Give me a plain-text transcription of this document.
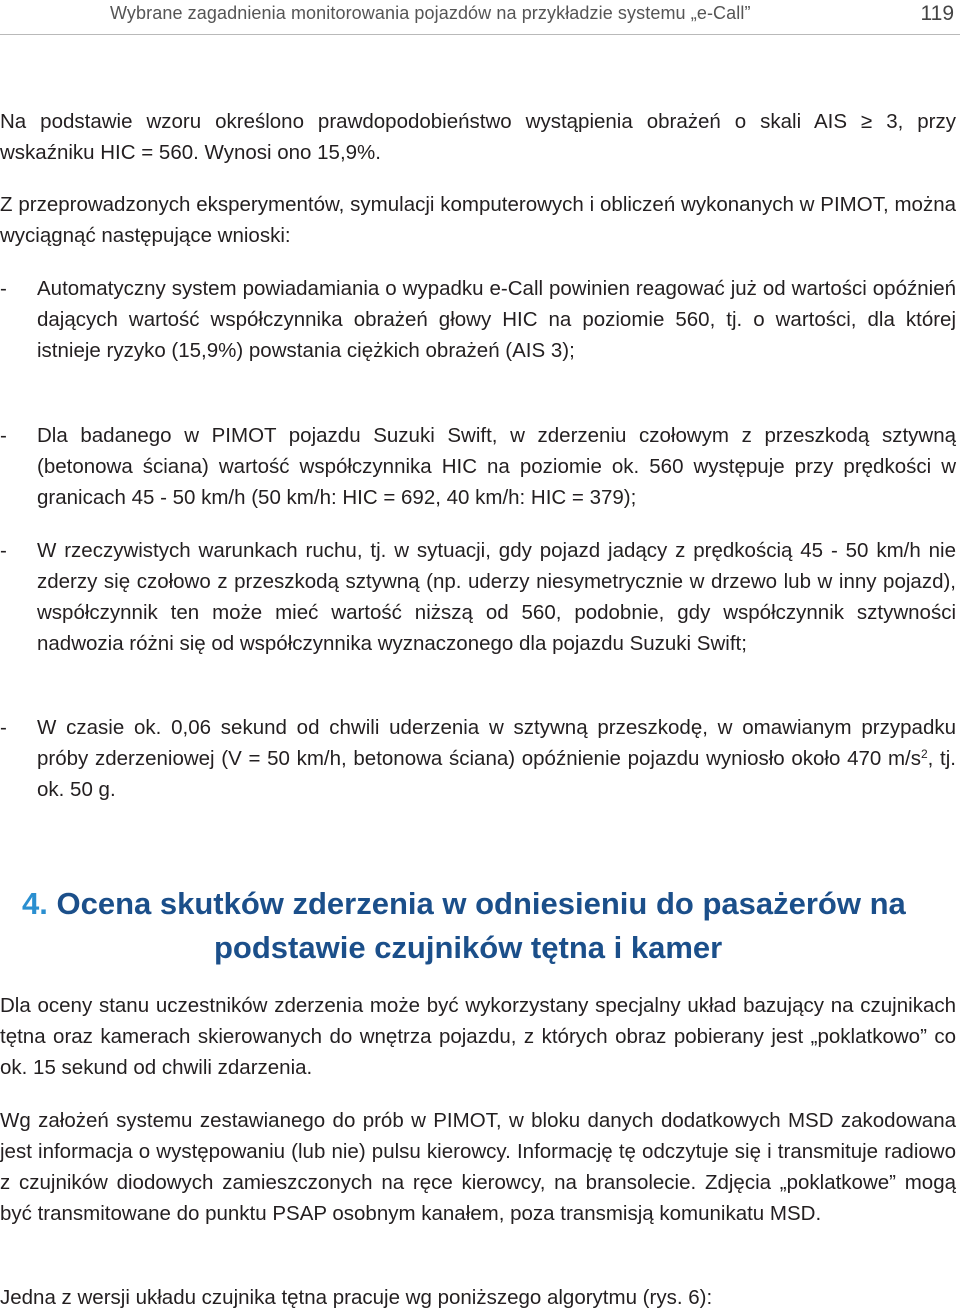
Wybrane zagadnienia monitorowania pojazdów na przykładzie systemu „e-Call”	119

Na podstawie wzoru określono prawdopodobieństwo wystąpienia obrażeń o skali AIS ≥ 3, przy wskaźniku HIC = 560. Wynosi ono 15,9%.

Z przeprowadzonych eksperymentów, symulacji komputerowych i obliczeń wykonanych w PIMOT, można wyciągnąć następujące wnioski:

-	Automatyczny system powiadamiania o wypadku e-Call powinien reagować już od wartości opóźnień dających wartość współczynnika obrażeń głowy HIC na poziomie 560, tj. o wartości, dla której istnieje ryzyko (15,9%) powstania ciężkich obrażeń (AIS 3);
-	Dla badanego w PIMOT pojazdu Suzuki Swift, w zderzeniu czołowym z przeszkodą sztywną (betonowa ściana) wartość współczynnika HIC na poziomie ok. 560 występuje przy prędkości w granicach 45 - 50 km/h (50 km/h: HIC = 692, 40 km/h: HIC = 379);
-	W rzeczywistych warunkach ruchu, tj. w sytuacji, gdy pojazd jadący z prędkością 45 - 50 km/h nie zderzy się czołowo z przeszkodą sztywną (np. uderzy niesymetrycznie w drzewo lub w inny pojazd), współczynnik ten może mieć wartość niższą od 560, podobnie, gdy współczynnik sztywności nadwozia różni się od współczynnika wyznaczonego dla pojazdu Suzuki Swift;
-	W czasie ok. 0,06 sekund od chwili uderzenia w sztywną przeszkodę, w omawianym przypadku próby zderzeniowej (V = 50 km/h, betonowa ściana) opóźnienie pojazdu wyniosło około 470 $m/s^2$, tj. ok. 50 g.
4. Ocena skutków zderzenia w odniesieniu do pasażerów na
podstawie czujników tętna i kamer

Dla oceny stanu uczestników zderzenia może być wykorzystany specjalny układ bazujący na czujnikach tętna oraz kamerach skierowanych do wnętrza pojazdu, z których obraz pobierany jest „poklatkowo” co ok. 15 sekund od chwili zdarzenia.

Wg założeń systemu zestawianego do prób w PIMOT, w bloku danych dodatkowych MSD zakodowana jest informacja o występowaniu (lub nie) pulsu kierowcy. Informację tę odczytuje się i transmituje radiowo z czujników diodowych zamieszczonych na ręce kierowcy, na bransolecie. Zdjęcia „poklatkowe” mogą być transmitowane do punktu PSAP osobnym kanałem, poza transmisją komunikatu MSD.

Jedna z wersji układu czujnika tętna pracuje wg poniższego algorytmu (rys. 6):
